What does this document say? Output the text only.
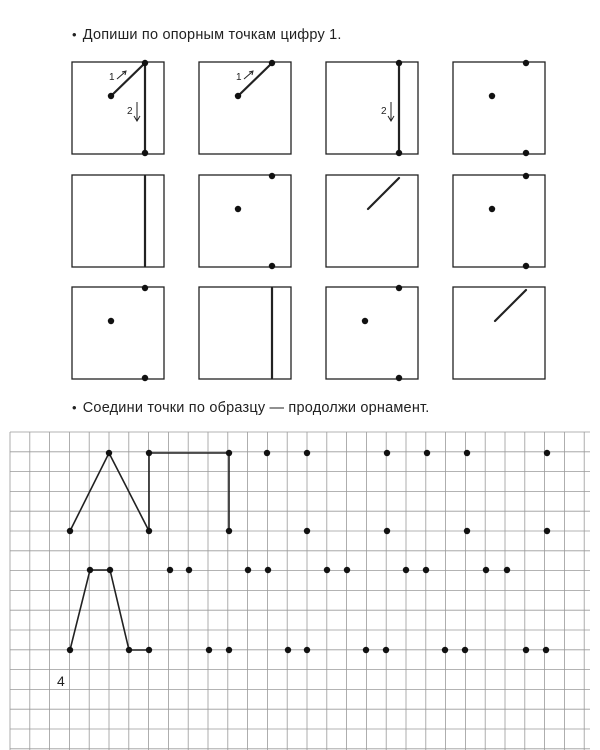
• Допиши по опорным точкам цифру 1.
• Соедини точки по образцу — продолжи орнамент.
1
2
1
2
4
